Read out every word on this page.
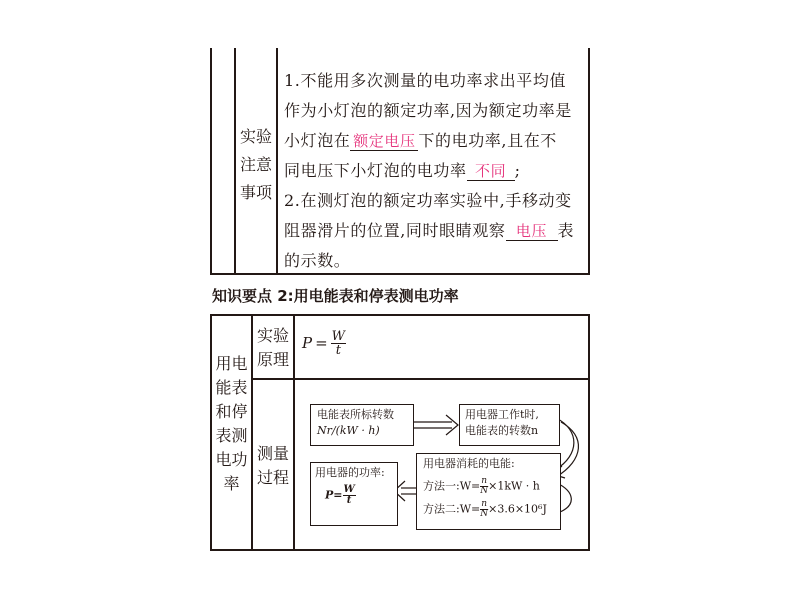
实验
注意
事项
1.不能用多次测量的电功率求出平均值
作为小灯泡的额定功率,因为额定功率是
小灯泡在 额定电压 下的电功率,且在不
同电压下小灯泡的电功率 不同 ;
2.在测灯泡的额定功率实验中,手移动变
阻器滑片的位置,同时眼睛观察 电压 表
的示数。
知识要点 2:用电能表和停表测电功率
用电
能表
和停
表测
电功
率
实验
原理
$P = \frac{W}{t}$
测量
过程
电能表所标转数
Nr/(kW · h)
用电器工作t时,
电能表的转数n
用电器消耗的电能:
方法一:W= $\frac{n}{N} \times 1kW \cdot h$
方法二:W= $\frac{n}{N} \times 3.6\times 10^6J$
用电器的功率:
$P= \frac{W}{t}$
